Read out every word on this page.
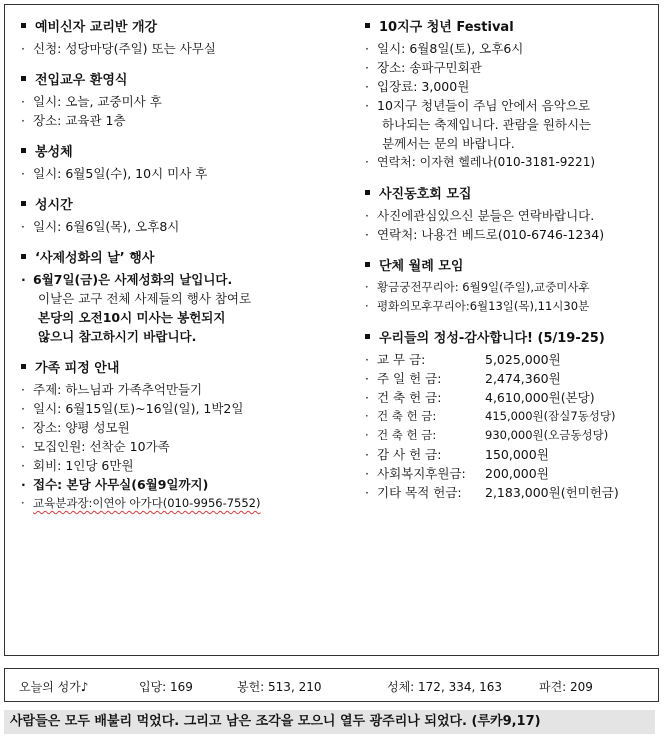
예비신자 교리반 개강
· 신청: 성당마당(주일) 또는 사무실
전입교우 환영식
· 일시: 오늘, 교중미사 후
· 장소: 교육관 1층
봉성체
· 일시: 6월5일(수), 10시 미사 후
성시간
· 일시: 6월6일(목), 오후8시
‘사제성화의 날’ 행사
· 6월7일(금)은 사제성화의 날입니다.
이날은 교구 전체 사제들의 행사 참여로
본당의 오전10시 미사는 봉헌되지
않으니 참고하시기 바랍니다.
가족 피정 안내
· 주제: 하느님과 가족추억만들기
· 일시: 6월15일(토)~16일(일), 1박2일
· 장소: 양평 성모원
· 모집인원: 선착순 10가족
· 회비: 1인당 6만원
· 접수: 본당 사무실(6월9일까지)
· 교육분과장:이연아 아가다(010-9956-7552)
10지구 청년 Festival
· 일시: 6월8일(토), 오후6시
· 장소: 송파구민회관
· 입장료: 3,000원
· 10지구 청년들이 주님 안에서 음악으로
하나되는 축제입니다. 관람을 원하시는
분께서는 문의 바랍니다.
· 연락처: 이자현 헬레나(010-3181-9221)
사진동호회 모집
· 사진에관심있으신 분들은 연락바랍니다.
· 연락처: 나용건 베드로(010-6746-1234)
단체 월례 모임
· 황금궁전꾸리아: 6월9일(주일),교중미사후
· 평화의모후꾸리아:6월13일(목),11시30분
우리들의 정성-감사합니다! (5/19-25)
· 교 무 금:	5,025,000원
· 주 일 헌 금:	2,474,360원
· 건 축 헌 금:	4,610,000원(본당)
· 건 축 헌 금:	415,000원(잠실7동성당)
· 건 축 헌 금:	930,000원(오금동성당)
· 감 사 헌 금:	150,000원
· 사회복지후원금:	200,000원
· 기타 목적 헌금:	2,183,000원(헌미헌금)
오늘의 성가♪	입당: 169	봉헌: 513, 210	성체: 172, 334, 163	파견: 209
사람들은 모두 배불리 먹었다. 그리고 남은 조각을 모으니 열두 광주리나 되었다. (루카9,17)
